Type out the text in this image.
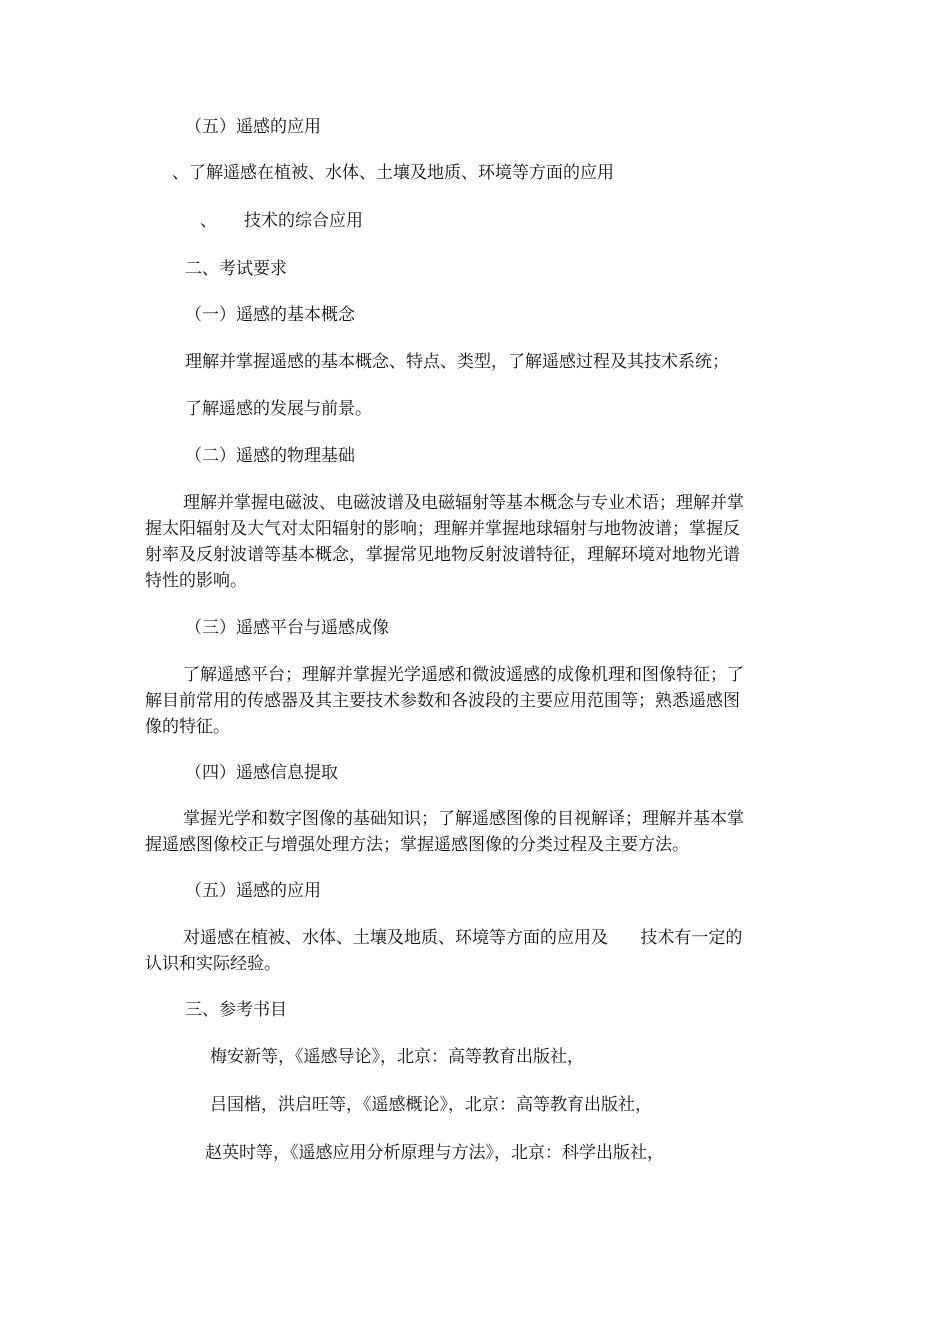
（五）遥感的应用
、了解遥感在植被、水体、土壤及地质、环境等方面的应用
、     技术的综合应用
二、考试要求
（一）遥感的基本概念
理解并掌握遥感的基本概念、特点、类型，了解遥感过程及其技术系统；
了解遥感的发展与前景。
（二）遥感的物理基础
理解并掌握电磁波、电磁波谱及电磁辐射等基本概念与专业术语；理解并掌
握太阳辐射及大气对太阳辐射的影响；理解并掌握地球辐射与地物波谱；掌握反
射率及反射波谱等基本概念，掌握常见地物反射波谱特征，理解环境对地物光谱
特性的影响。
（三）遥感平台与遥感成像
了解遥感平台；理解并掌握光学遥感和微波遥感的成像机理和图像特征；了
解目前常用的传感器及其主要技术参数和各波段的主要应用范围等；熟悉遥感图
像的特征。
（四）遥感信息提取
掌握光学和数字图像的基础知识；了解遥感图像的目视解译；理解并基本掌
握遥感图像校正与增强处理方法；掌握遥感图像的分类过程及主要方法。
（五）遥感的应用
对遥感在植被、水体、土壤及地质、环境等方面的应用及      技术有一定的
认识和实际经验。
三、参考书目
梅安新等，《遥感导论》，北京：高等教育出版社，
吕国楷，洪启旺等，《遥感概论》，北京：高等教育出版社，
赵英时等，《遥感应用分析原理与方法》，北京：科学出版社，
